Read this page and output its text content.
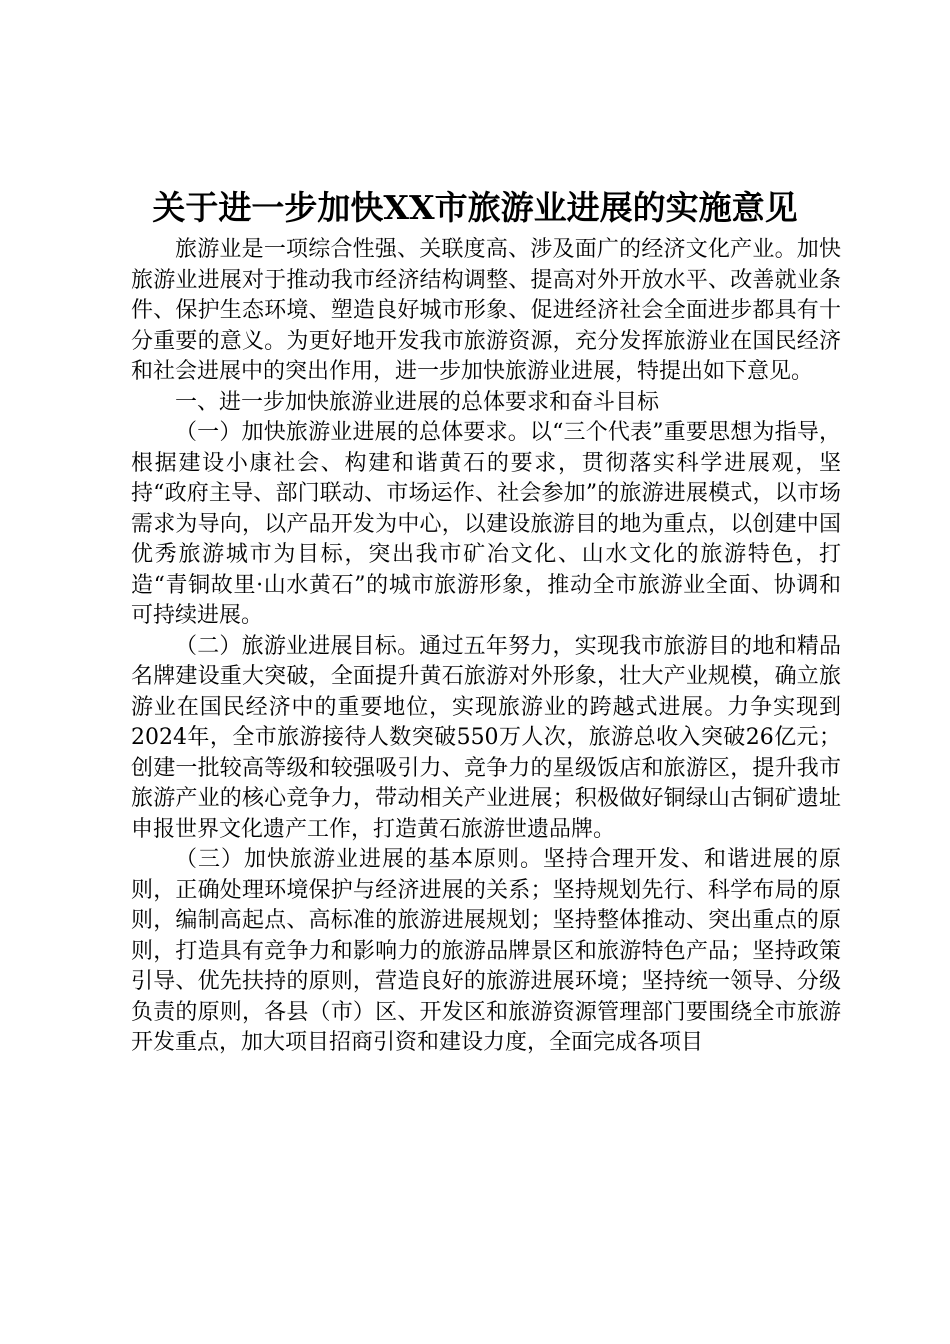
关于进一步加快XX市旅游业进展的实施意见

旅游业是一项综合性强、关联度高、涉及面广的经济文化产业。加快旅游业进展对于推动我市经济结构调整、提高对外开放水平、改善就业条件、保护生态环境、塑造良好城市形象、促进经济社会全面进步都具有十分重要的意义。为更好地开发我市旅游资源，充分发挥旅游业在国民经济和社会进展中的突出作用，进一步加快旅游业进展，特提出如下意见。

一、进一步加快旅游业进展的总体要求和奋斗目标

（一）加快旅游业进展的总体要求。以“三个代表”重要思想为指导，根据建设小康社会、构建和谐黄石的要求，贯彻落实科学进展观，坚持“政府主导、部门联动、市场运作、社会参加”的旅游进展模式，以市场需求为导向，以产品开发为中心，以建设旅游目的地为重点，以创建中国优秀旅游城市为目标，突出我市矿冶文化、山水文化的旅游特色，打造“青铜故里·山水黄石”的城市旅游形象，推动全市旅游业全面、协调和可持续进展。

（二）旅游业进展目标。通过五年努力，实现我市旅游目的地和精品名牌建设重大突破，全面提升黄石旅游对外形象，壮大产业规模，确立旅游业在国民经济中的重要地位，实现旅游业的跨越式进展。力争实现到2024年，全市旅游接待人数突破550万人次，旅游总收入突破26亿元；创建一批较高等级和较强吸引力、竞争力的星级饭店和旅游区，提升我市旅游产业的核心竞争力，带动相关产业进展；积极做好铜绿山古铜矿遗址申报世界文化遗产工作，打造黄石旅游世遗品牌。

（三）加快旅游业进展的基本原则。坚持合理开发、和谐进展的原则，正确处理环境保护与经济进展的关系；坚持规划先行、科学布局的原则，编制高起点、高标准的旅游进展规划；坚持整体推动、突出重点的原则，打造具有竞争力和影响力的旅游品牌景区和旅游特色产品；坚持政策引导、优先扶持的原则，营造良好的旅游进展环境；坚持统一领导、分级负责的原则，各县（市）区、开发区和旅游资源管理部门要围绕全市旅游开发重点，加大项目招商引资和建设力度，全面完成各项目
